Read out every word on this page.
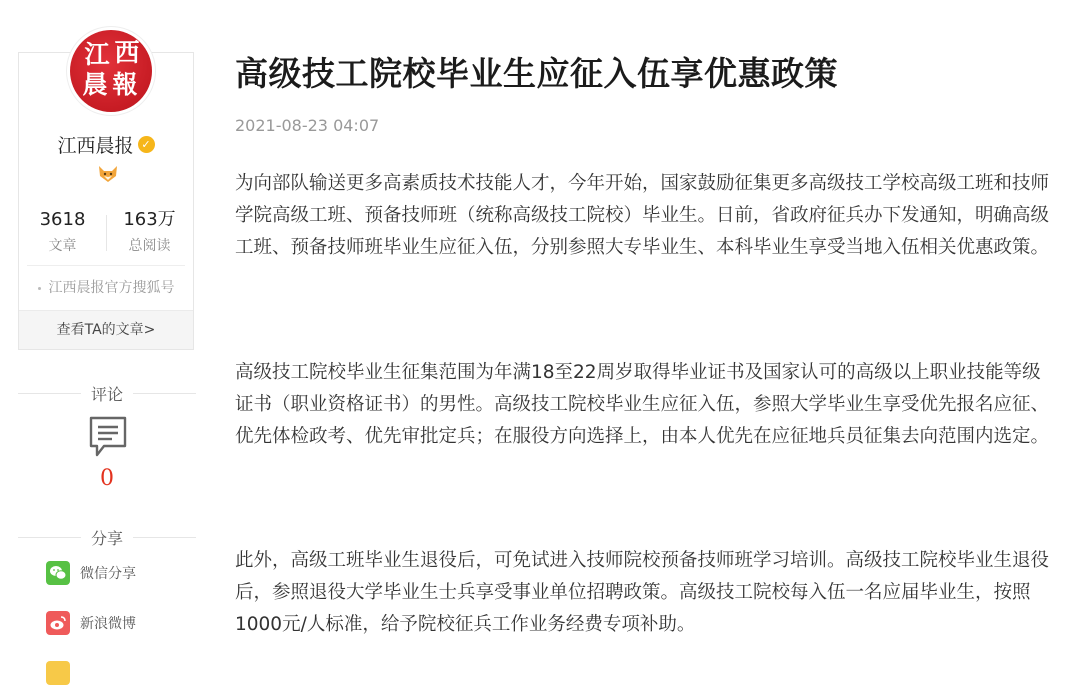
江 西
晨 報
江西晨报 ✓
3618
文章
163万
总阅读
江西晨报官方搜狐号
查看TA的文章>
评论
0
分享
微信分享
新浪微博
高级技工院校毕业生应征入伍享优惠政策
2021-08-23 04:07

为向部队输送更多高素质技术技能人才，今年开始，国家鼓励征集更多高级技工学校高级工班和技师学院高级工班、预备技师班（统称高级技工院校）毕业生。日前，省政府征兵办下发通知，明确高级工班、预备技师班毕业生应征入伍，分别参照大专毕业生、本科毕业生享受当地入伍相关优惠政策。

高级技工院校毕业生征集范围为年满18至22周岁取得毕业证书及国家认可的高级以上职业技能等级证书（职业资格证书）的男性。高级技工院校毕业生应征入伍，参照大学毕业生享受优先报名应征、优先体检政考、优先审批定兵；在服役方向选择上，由本人优先在应征地兵员征集去向范围内选定。

此外，高级工班毕业生退役后，可免试进入技师院校预备技师班学习培训。高级技工院校毕业生退役后，参照退役大学毕业生士兵享受事业单位招聘政策。高级技工院校每入伍一名应届毕业生，按照1000元/人标准，给予院校征兵工作业务经费专项补助。
